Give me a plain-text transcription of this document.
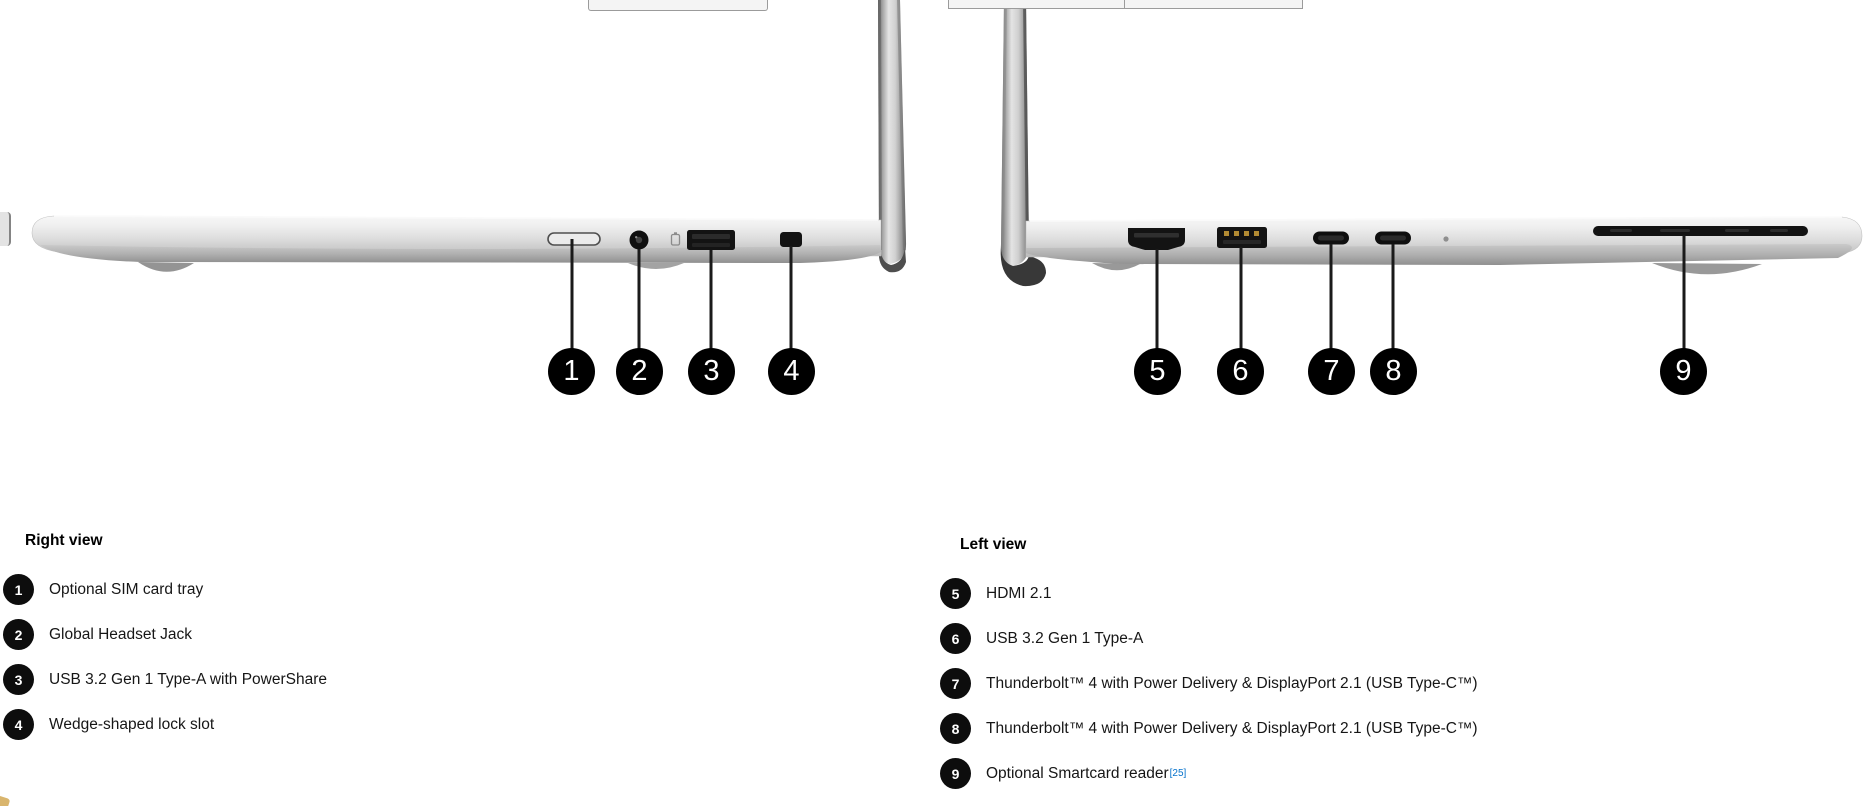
1	2	3	4	5	6	7	8	9
Right view
1	Optional SIM card tray
2	Global Headset Jack
3	USB 3.2 Gen 1 Type-A with PowerShare
4	Wedge-shaped lock slot
Left view
5	HDMI 2.1
6	USB 3.2 Gen 1 Type-A
7	Thunderbolt™ 4 with Power Delivery & DisplayPort 2.1 (USB Type-C™)
8	Thunderbolt™ 4 with Power Delivery & DisplayPort 2.1 (USB Type-C™)
9	Optional Smartcard reader [25]
